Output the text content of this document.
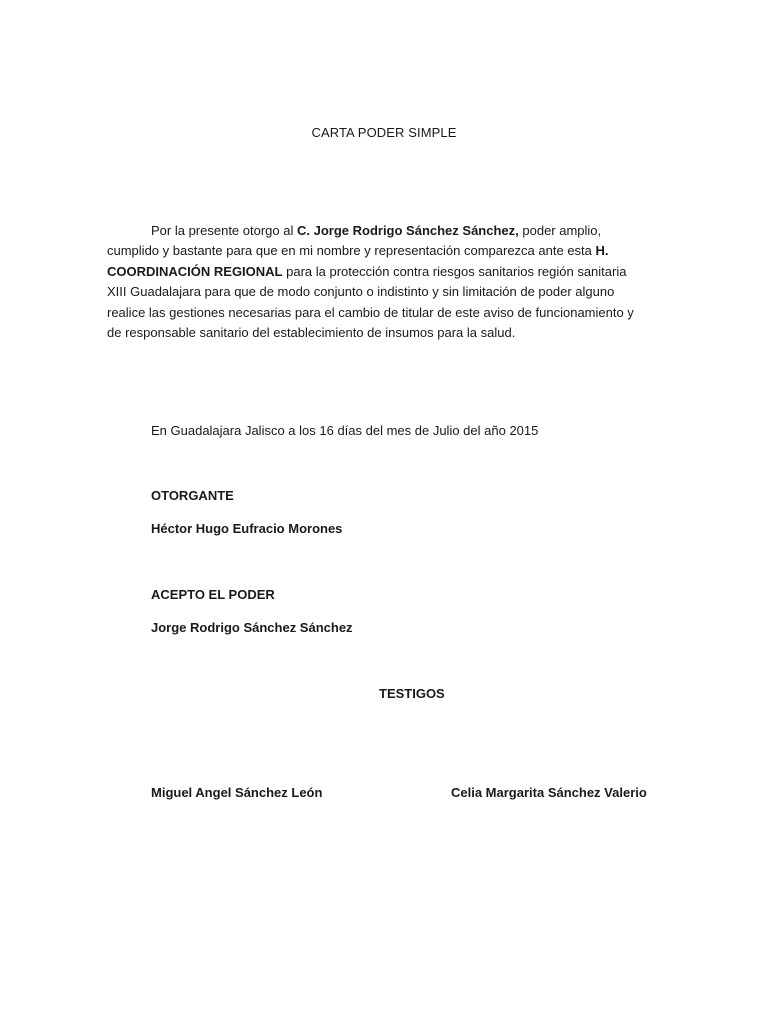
CARTA PODER SIMPLE
Por la presente otorgo al C. Jorge Rodrigo Sánchez Sánchez, poder amplio, cumplido y bastante para que en mi nombre y representación comparezca ante esta H. COORDINACIÓN REGIONAL para la protección contra riesgos sanitarios región sanitaria XIII Guadalajara para que de modo conjunto o indistinto y sin limitación de poder alguno realice las gestiones necesarias para el cambio de titular de este aviso de funcionamiento y de responsable sanitario del establecimiento de insumos para la salud.
En Guadalajara Jalisco a los 16 días del mes de Julio del año 2015
OTORGANTE
Héctor Hugo Eufracio Morones
ACEPTO EL PODER
Jorge Rodrigo Sánchez Sánchez
TESTIGOS
Miguel Angel Sánchez León	Celia Margarita Sánchez Valerio
